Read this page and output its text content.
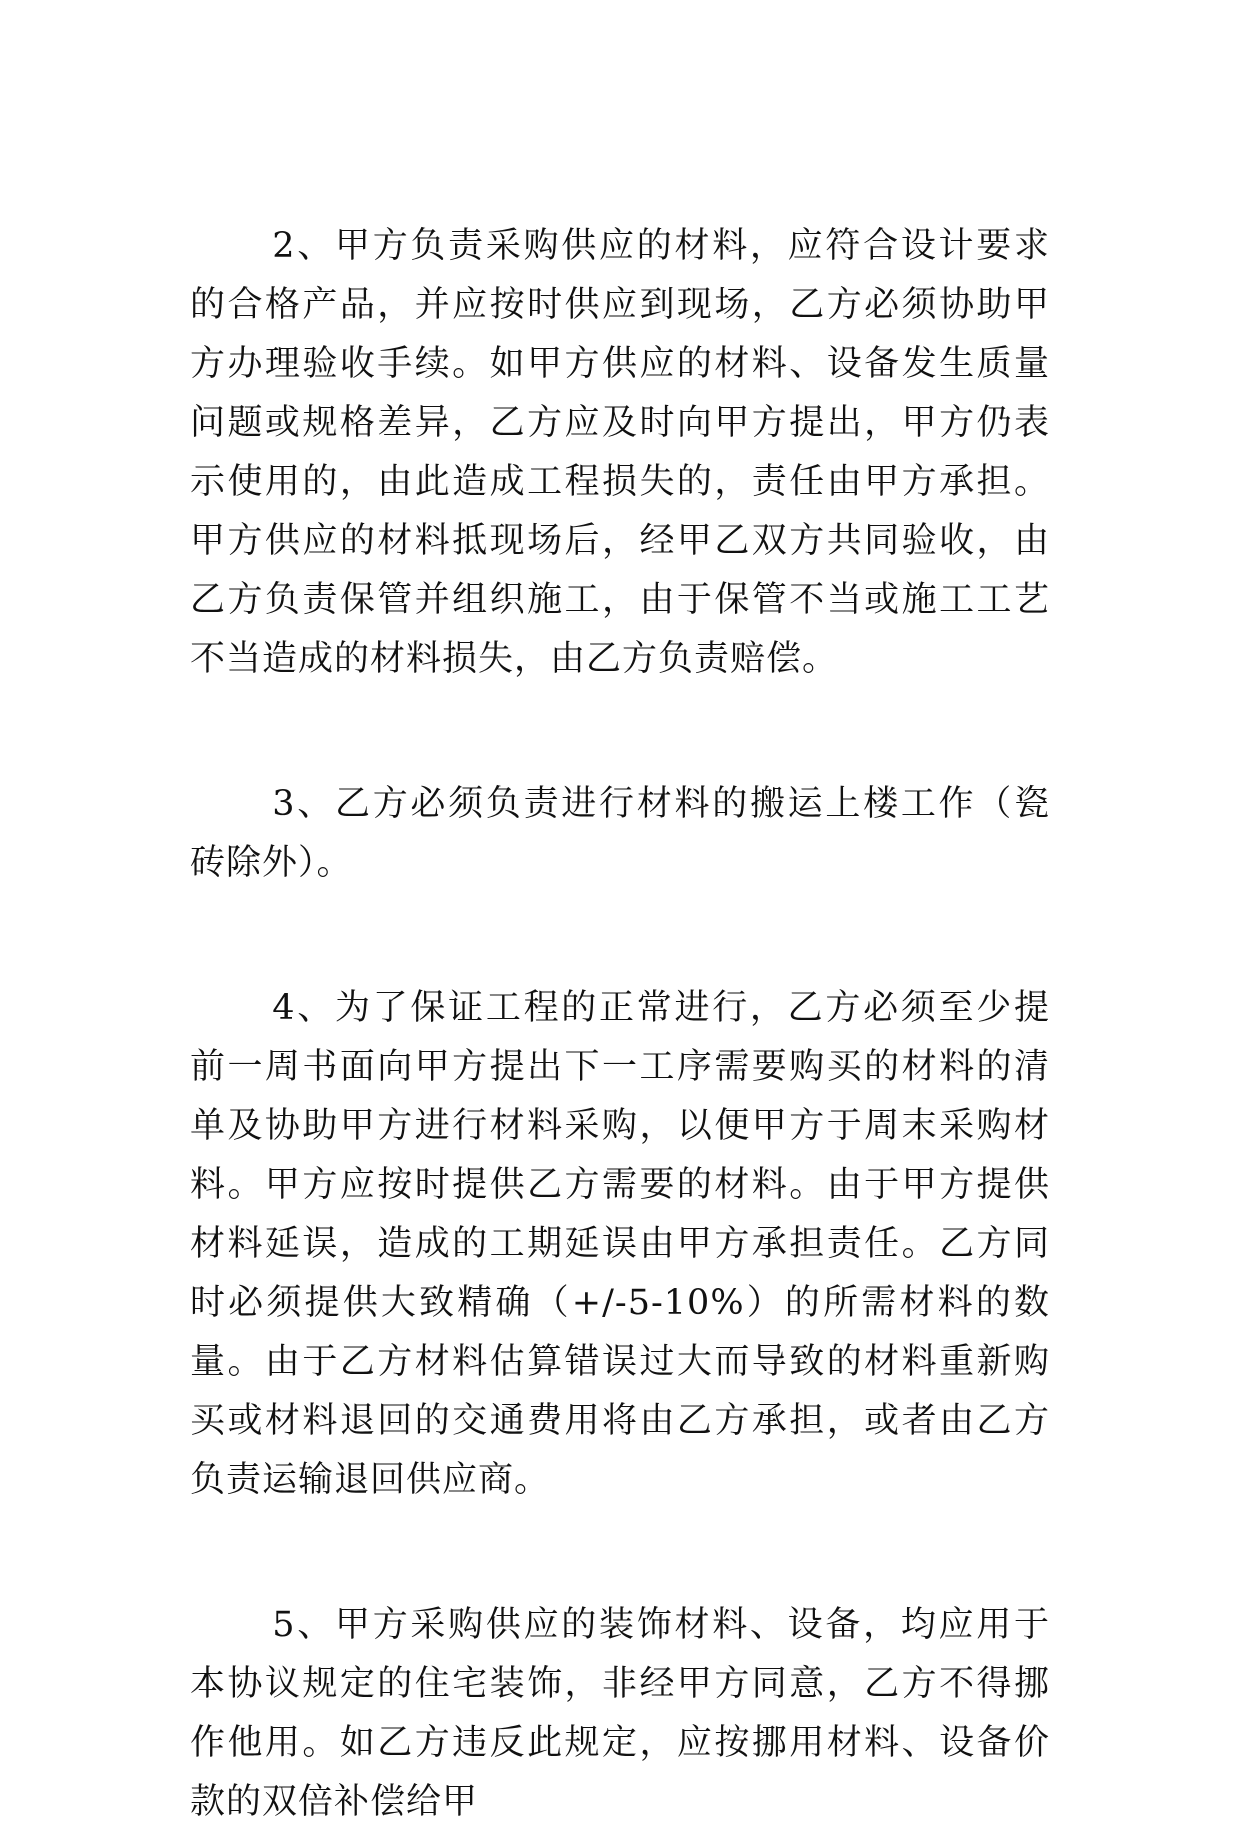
2、甲方负责采购供应的材料，应符合设计要求的合格产品，并应按时供应到现场，乙方必须协助甲方办理验收手续。如甲方供应的材料、设备发生质量问题或规格差异，乙方应及时向甲方提出，甲方仍表示使用的，由此造成工程损失的，责任由甲方承担。甲方供应的材料抵现场后，经甲乙双方共同验收，由乙方负责保管并组织施工，由于保管不当或施工工艺不当造成的材料损失，由乙方负责赔偿。

3、乙方必须负责进行材料的搬运上楼工作（瓷砖除外）。

4、为了保证工程的正常进行，乙方必须至少提前一周书面向甲方提出下一工序需要购买的材料的清单及协助甲方进行材料采购，以便甲方于周末采购材料。甲方应按时提供乙方需要的材料。由于甲方提供材料延误，造成的工期延误由甲方承担责任。乙方同时必须提供大致精确（+/-5-10%）的所需材料的数量。由于乙方材料估算错误过大而导致的材料重新购买或材料退回的交通费用将由乙方承担，或者由乙方负责运输退回供应商。

5、甲方采购供应的装饰材料、设备，均应用于本协议规定的住宅装饰，非经甲方同意，乙方不得挪作他用。如乙方违反此规定，应按挪用材料、设备价款的双倍补偿给甲
